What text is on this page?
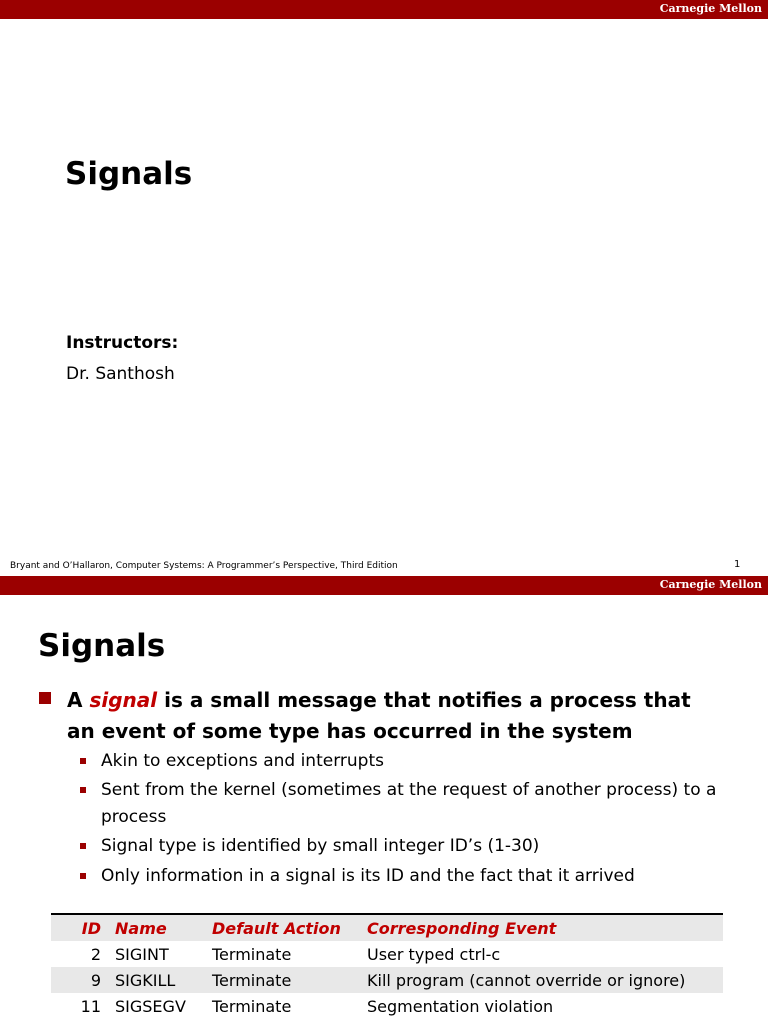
Carnegie Mellon
Signals
Instructors:
Dr. Santhosh
Bryant and O’Hallaron, Computer Systems: A Programmer’s Perspective, Third Edition	1
Carnegie Mellon
Signals
A signal is a small message that notifies a process that an event of some type has occurred in the system
Akin to exceptions and interrupts
Sent from the kernel (sometimes at the request of another process) to a process
Signal type is identified by small integer ID’s (1-30)
Only information in a signal is its ID and the fact that it arrived
ID	Name	Default Action	Corresponding Event
2	SIGINT	Terminate	User typed ctrl-c
9	SIGKILL	Terminate	Kill program (cannot override or ignore)
11	SIGSEGV	Terminate	Segmentation violation
